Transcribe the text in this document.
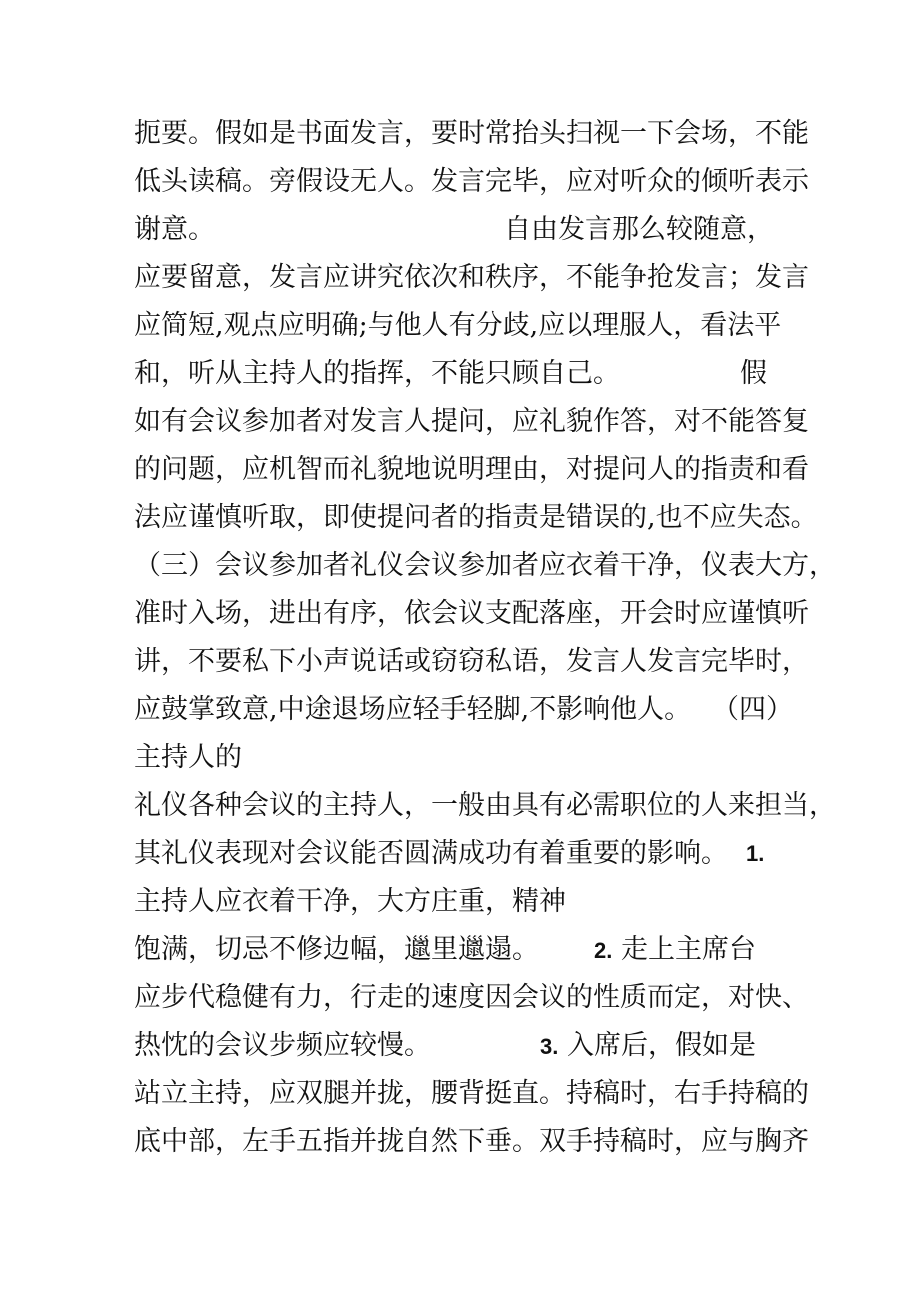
扼要。假如是书面发言，要时常抬头扫视一下会场，不能
低头读稿。旁假设无人。发言完毕，应对听众的倾听表示
谢意。	自由发言那么较随意，
应要留意，发言应讲究依次和秩序，不能争抢发言；发言
应简短,观点应明确;与他人有分歧,应以理服人，看法平
和，听从主持人的指挥，不能只顾自己。	假
如有会议参加者对发言人提问，应礼貌作答，对不能答复
的问题，应机智而礼貌地说明理由，对提问人的指责和看
法应谨慎听取，即使提问者的指责是错误的,也不应失态。
（三）会议参加者礼仪会议参加者应衣着干净，仪表大方，
准时入场，进出有序，依会议支配落座，开会时应谨慎听
讲，不要私下小声说话或窃窃私语，发言人发言完毕时，
应鼓掌致意,中途退场应轻手轻脚,不影响他人。 （四）
主持人的
礼仪各种会议的主持人，一般由具有必需职位的人来担当，
其礼仪表现对会议能否圆满成功有着重要的影响。 1.
主持人应衣着干净，大方庄重，精神
饱满，切忌不修边幅，邋里邋遢。	2. 走上主席台
应步代稳健有力，行走的速度因会议的性质而定，对快、
热忱的会议步频应较慢。	3. 入席后，假如是
站立主持，应双腿并拢，腰背挺直。持稿时，右手持稿的
底中部，左手五指并拢自然下垂。双手持稿时，应与胸齐
